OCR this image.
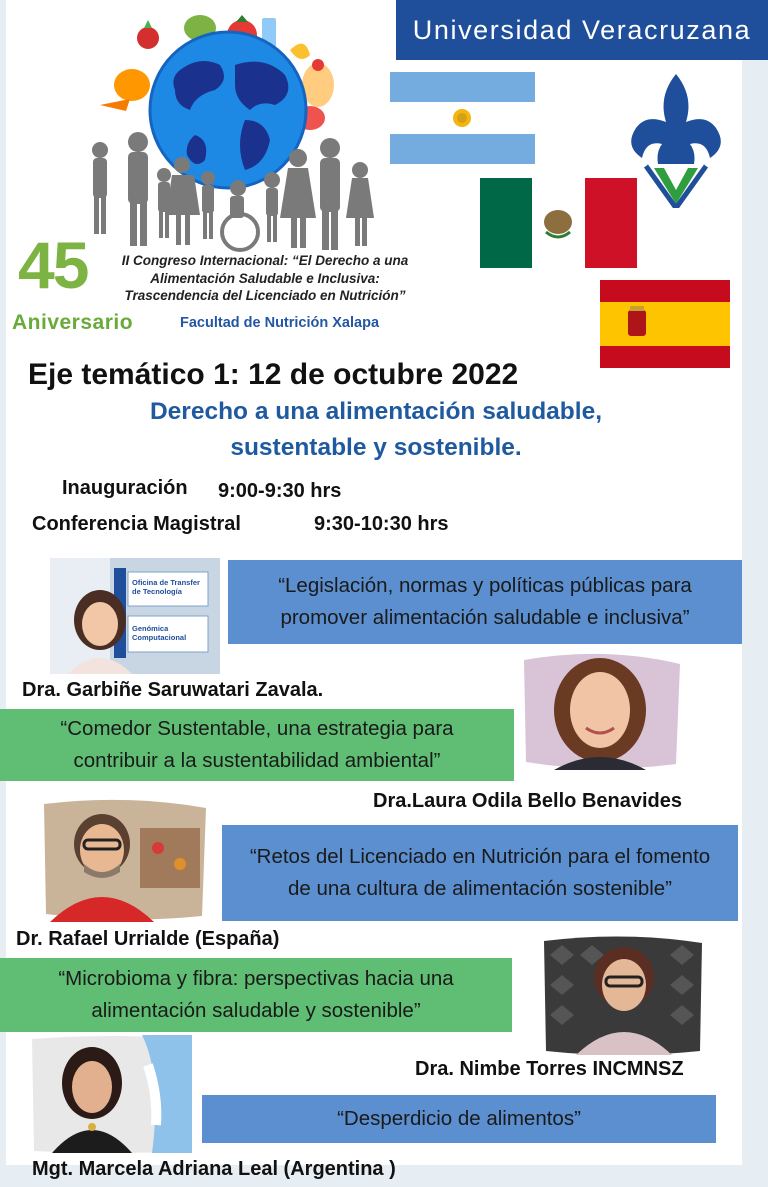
Universidad Veracruzana
45	II Congreso Internacional: “El Derecho a una
Alimentación Saludable e Inclusiva:
Trascendencia del Licenciado en Nutrición”
Aniversario	Facultad de Nutrición Xalapa
Eje temático 1: 12 de octubre 2022
Derecho a una alimentación saludable,
sustentable y sostenible.
Inauguración 9:00-9:30 hrs
Conferencia Magistral	9:30-10:30 hrs
Oficina de Transfer
de Tecnología
Genómica
Computacional
“Legislación, normas y políticas públicas para
promover alimentación saludable e inclusiva”
Dra. Garbiñe Saruwatari Zavala.
“Comedor Sustentable, una estrategia para
contribuir a la sustentabilidad ambiental”
Dra.Laura Odila Bello Benavides
“Retos del Licenciado en Nutrición para el fomento
de una cultura de alimentación sostenible”
Dr. Rafael Urrialde (España)
“Microbioma y fibra: perspectivas hacia una
alimentación saludable y sostenible”
Dra. Nimbe Torres INCMNSZ
“Desperdicio de alimentos”
Mgt. Marcela Adriana Leal (Argentina )
